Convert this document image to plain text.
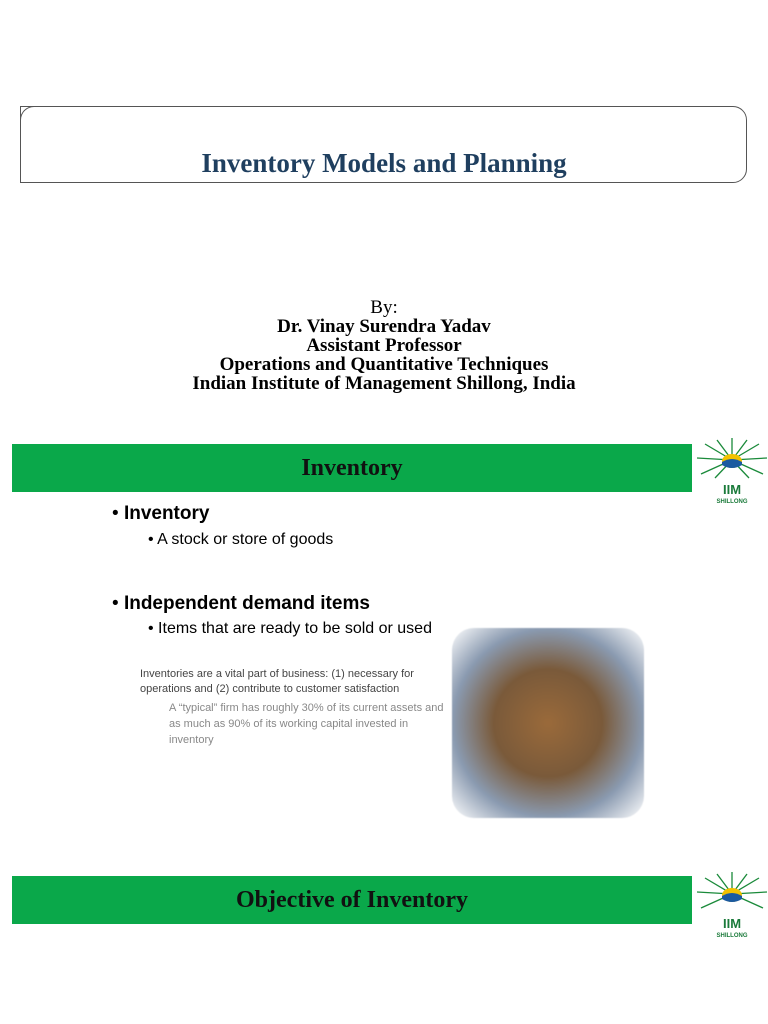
Inventory Models and Planning
By:
Dr. Vinay Surendra Yadav
Assistant Professor
Operations and Quantitative Techniques
Indian Institute of Management Shillong, India
Inventory
IIM
SHILLONG
• Inventory
• A stock or store of goods
• Independent demand items
• Items that are ready to be sold or used
Inventories are a vital part of business: (1) necessary for operations and (2) contribute to customer satisfaction
A “typical” firm has roughly 30% of its current assets and as much as 90% of its working capital invested in inventory
Objective of Inventory
IIM
SHILLONG
